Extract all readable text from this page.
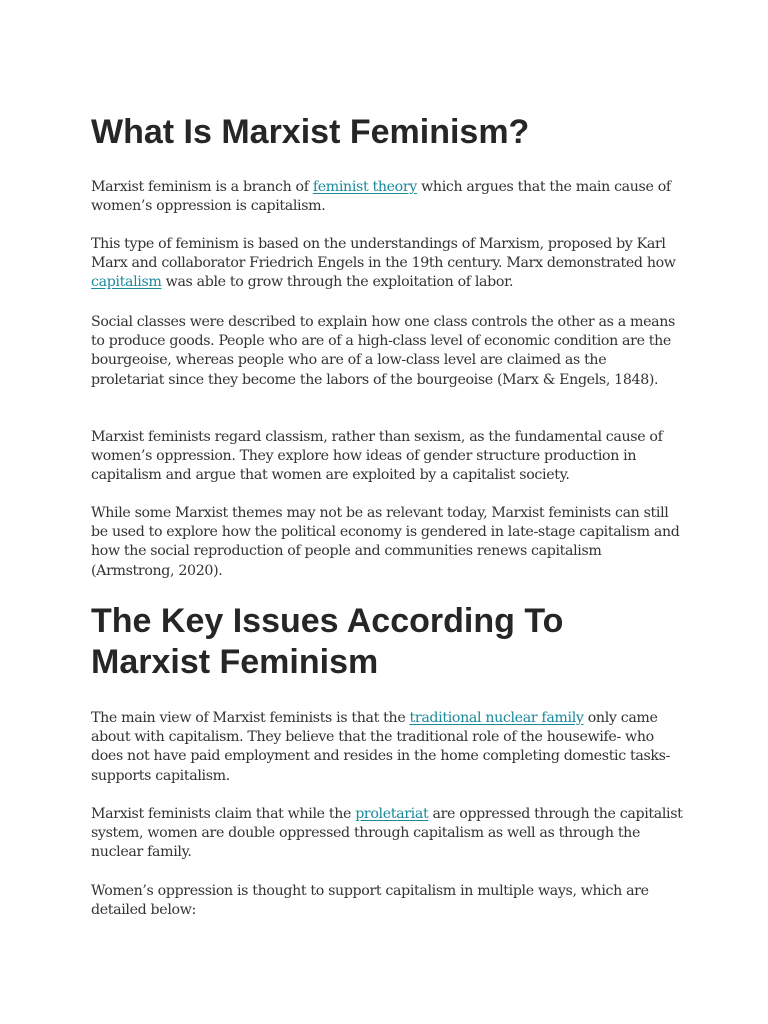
What Is Marxist Feminism?

Marxist feminism is a branch of feminist theory which argues that the main cause of women’s oppression is capitalism.

This type of feminism is based on the understandings of Marxism, proposed by Karl Marx and collaborator Friedrich Engels in the 19th century. Marx demonstrated how capitalism was able to grow through the exploitation of labor.

Social classes were described to explain how one class controls the other as a means to produce goods. People who are of a high-class level of economic condition are the bourgeoise, whereas people who are of a low-class level are claimed as the proletariat since they become the labors of the bourgeoise (Marx & Engels, 1848).

Marxist feminists regard classism, rather than sexism, as the fundamental cause of women’s oppression. They explore how ideas of gender structure production in capitalism and argue that women are exploited by a capitalist society.

While some Marxist themes may not be as relevant today, Marxist feminists can still be used to explore how the political economy is gendered in late-stage capitalism and how the social reproduction of people and communities renews capitalism (Armstrong, 2020).

The Key Issues According To Marxist Feminism

The main view of Marxist feminists is that the traditional nuclear family only came about with capitalism. They believe that the traditional role of the housewife- who does not have paid employment and resides in the home completing domestic tasks- supports capitalism.

Marxist feminists claim that while the proletariat are oppressed through the capitalist system, women are double oppressed through capitalism as well as through the nuclear family.

Women’s oppression is thought to support capitalism in multiple ways, which are detailed below:
